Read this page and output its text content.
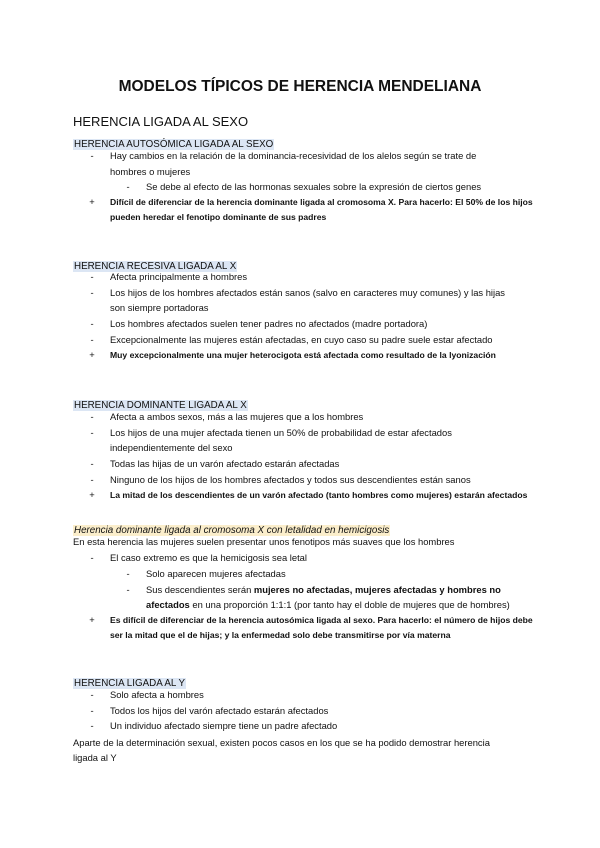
MODELOS TÍPICOS DE HERENCIA MENDELIANA
HERENCIA LIGADA AL SEXO
HERENCIA AUTOSÓMICA LIGADA AL SEXO
-	Hay cambios en la relación de la dominancia-recesividad de los alelos según se trate de
hombres o mujeres
-	Se debe al efecto de las hormonas sexuales sobre la expresión de ciertos genes
+	Difícil de diferenciar de la herencia dominante ligada al cromosoma X. Para hacerlo: El 50% de los hijos
pueden heredar el fenotipo dominante de sus padres
HERENCIA RECESIVA LIGADA AL X
-	Afecta principalmente a hombres
-	Los hijos de los hombres afectados están sanos (salvo en caracteres muy comunes) y las hijas
son siempre portadoras
-	Los hombres afectados suelen tener padres no afectados (madre portadora)
-	Excepcionalmente las mujeres están afectadas, en cuyo caso su padre suele estar afectado
+	Muy excepcionalmente una mujer heterocigota está afectada como resultado de la lyonización
HERENCIA DOMINANTE LIGADA AL X
-	Afecta a ambos sexos, más a las mujeres que a los hombres
-	Los hijos de una mujer afectada tienen un 50% de probabilidad de estar afectados
independientemente del sexo
-	Todas las hijas de un varón afectado estarán afectadas
-	Ninguno de los hijos de los hombres afectados y todos sus descendientes están sanos
+	La mitad de los descendientes de un varón afectado (tanto hombres como mujeres) estarán afectados
Herencia dominante ligada al cromosoma X con letalidad en hemicigosis
En esta herencia las mujeres suelen presentar unos fenotipos más suaves que los hombres
-	El caso extremo es que la hemicigosis sea letal
-	Solo aparecen mujeres afectadas
-	Sus descendientes serán mujeres no afectadas, mujeres afectadas y hombres no
afectados en una proporción 1:1:1 (por tanto hay el doble de mujeres que de hombres)
+	Es difícil de diferenciar de la herencia autosómica ligada al sexo. Para hacerlo: el número de hijos debe
ser la mitad que el de hijas; y la enfermedad solo debe transmitirse por vía materna
HERENCIA LIGADA AL Y
-	Solo afecta a hombres
-	Todos los hijos del varón afectado estarán afectados
-	Un individuo afectado siempre tiene un padre afectado
Aparte de la determinación sexual, existen pocos casos en los que se ha podido demostrar herencia
ligada al Y
